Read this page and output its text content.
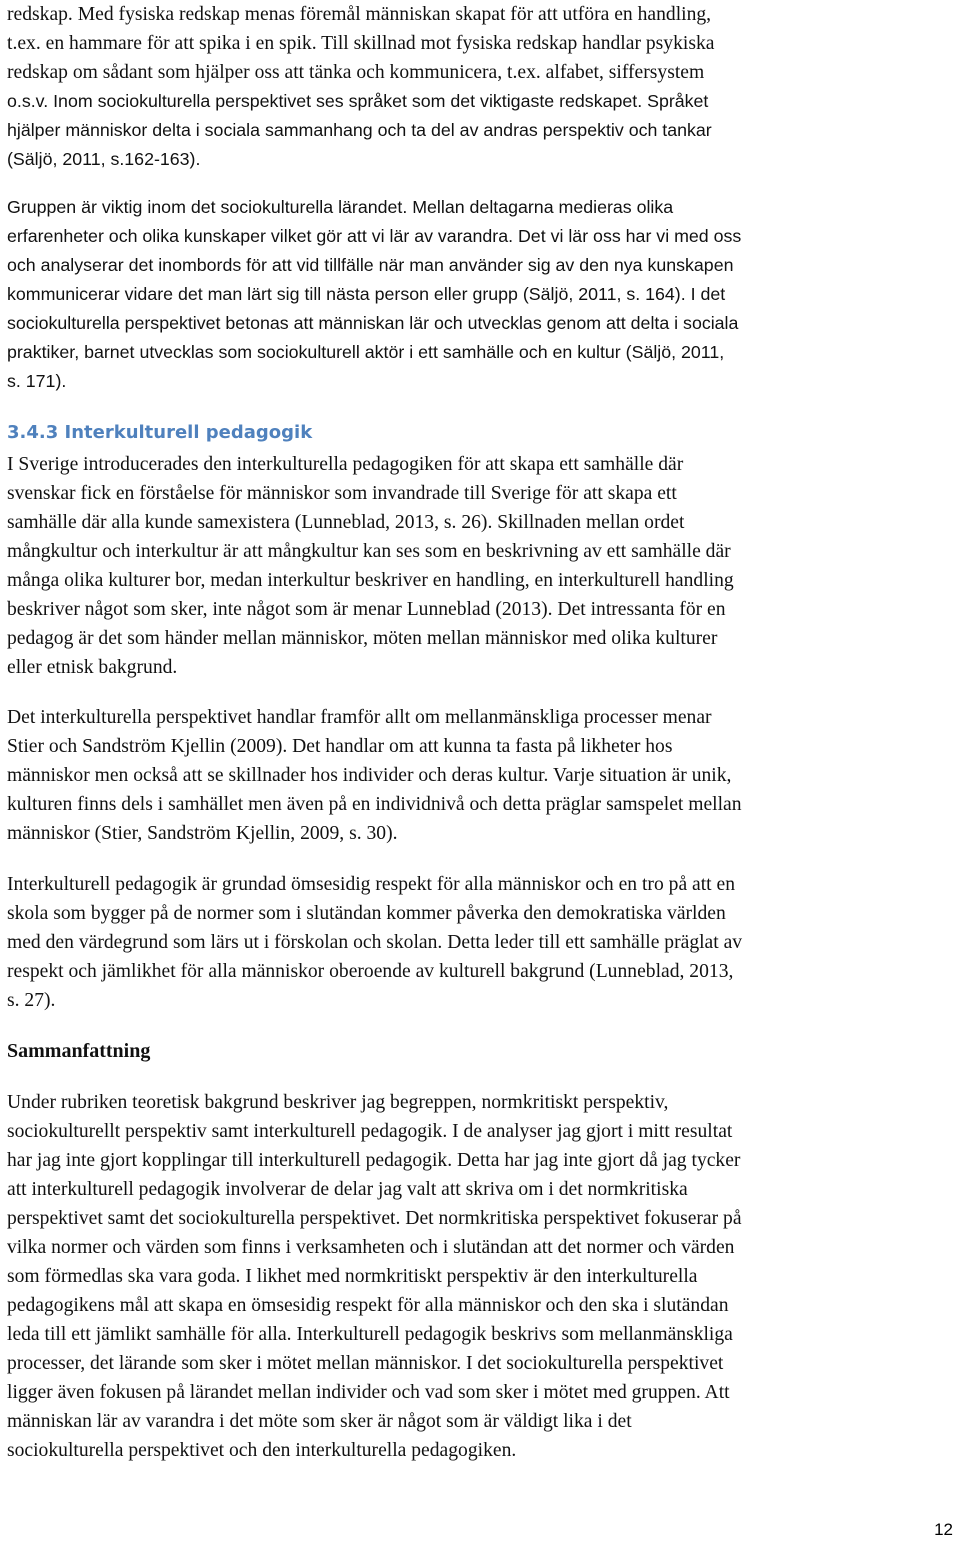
redskap. Med fysiska redskap menas föremål människan skapat för att utföra en handling,
t.ex. en hammare för att spika i en spik. Till skillnad mot fysiska redskap handlar psykiska
redskap om sådant som hjälper oss att tänka och kommunicera, t.ex. alfabet, siffersystem

o.s.v. Inom sociokulturella perspektivet ses språket som det viktigaste redskapet. Språket
hjälper människor delta i sociala sammanhang och ta del av andras perspektiv och tankar
(Säljö, 2011, s.162-163).

Gruppen är viktig inom det sociokulturella lärandet. Mellan deltagarna medieras olika
erfarenheter och olika kunskaper vilket gör att vi lär av varandra. Det vi lär oss har vi med oss
och analyserar det inombords för att vid tillfälle när man använder sig av den nya kunskapen
kommunicerar vidare det man lärt sig till nästa person eller grupp (Säljö, 2011, s. 164). I det
sociokulturella perspektivet betonas att människan lär och utvecklas genom att delta i sociala
praktiker, barnet utvecklas som sociokulturell aktör i ett samhälle och en kultur (Säljö, 2011,
s. 171).

3.4.3 Interkulturell pedagogik

I Sverige introducerades den interkulturella pedagogiken för att skapa ett samhälle där
svenskar fick en förståelse för människor som invandrade till Sverige för att skapa ett
samhälle där alla kunde samexistera (Lunneblad, 2013, s. 26). Skillnaden mellan ordet
mångkultur och interkultur är att mångkultur kan ses som en beskrivning av ett samhälle där
många olika kulturer bor, medan interkultur beskriver en handling, en interkulturell handling
beskriver något som sker, inte något som är menar Lunneblad (2013). Det intressanta för en
pedagog är det som händer mellan människor, möten mellan människor med olika kulturer
eller etnisk bakgrund.

Det interkulturella perspektivet handlar framför allt om mellanmänskliga processer menar
Stier och Sandström Kjellin (2009). Det handlar om att kunna ta fasta på likheter hos
människor men också att se skillnader hos individer och deras kultur. Varje situation är unik,
kulturen finns dels i samhället men även på en individnivå och detta präglar samspelet mellan
människor (Stier, Sandström Kjellin, 2009, s. 30).

Interkulturell pedagogik är grundad ömsesidig respekt för alla människor och en tro på att en
skola som bygger på de normer som i slutändan kommer påverka den demokratiska världen
med den värdegrund som lärs ut i förskolan och skolan. Detta leder till ett samhälle präglat av
respekt och jämlikhet för alla människor oberoende av kulturell bakgrund (Lunneblad, 2013,
s. 27).

Sammanfattning

Under rubriken teoretisk bakgrund beskriver jag begreppen, normkritiskt perspektiv,
sociokulturellt perspektiv samt interkulturell pedagogik. I de analyser jag gjort i mitt resultat
har jag inte gjort kopplingar till interkulturell pedagogik. Detta har jag inte gjort då jag tycker
att interkulturell pedagogik involverar de delar jag valt att skriva om i det normkritiska
perspektivet samt det sociokulturella perspektivet. Det normkritiska perspektivet fokuserar på
vilka normer och värden som finns i verksamheten och i slutändan att det normer och värden
som förmedlas ska vara goda. I likhet med normkritiskt perspektiv är den interkulturella
pedagogikens mål att skapa en ömsesidig respekt för alla människor och den ska i slutändan
leda till ett jämlikt samhälle för alla. Interkulturell pedagogik beskrivs som mellanmänskliga
processer, det lärande som sker i mötet mellan människor. I det sociokulturella perspektivet
ligger även fokusen på lärandet mellan individer och vad som sker i mötet med gruppen. Att
människan lär av varandra i det möte som sker är något som är väldigt lika i det
sociokulturella perspektivet och den interkulturella pedagogiken.

12
